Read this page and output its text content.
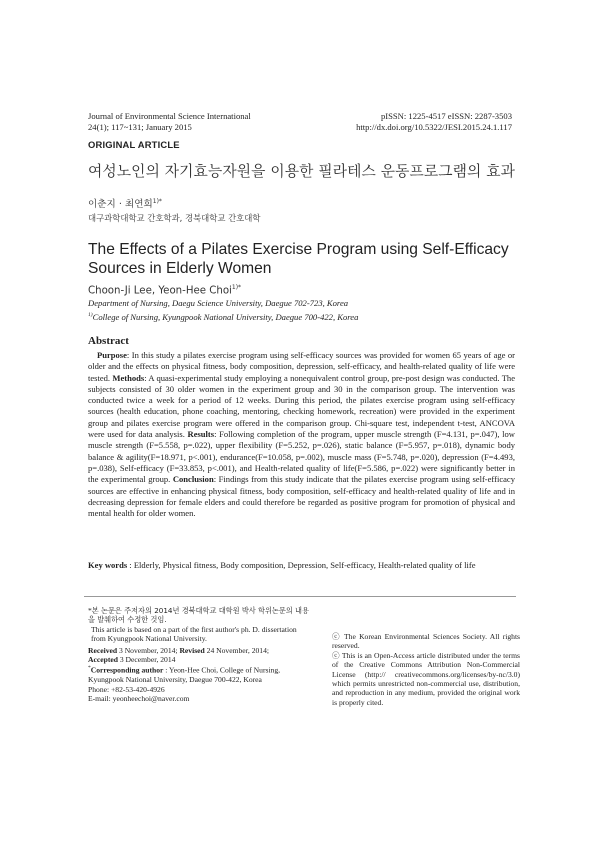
Journal of Environmental Science International
24(1); 117~131; January 2015
pISSN: 1225-4517 eISSN: 2287-3503
http://dx.doi.org/10.5322/JESI.2015.24.1.117
ORIGINAL ARTICLE
여성노인의 자기효능자원을 이용한 필라테스 운동프로그램의 효과
이춘지 · 최연희$^{1)*}$
대구과학대학교 간호학과, 경북대학교 간호대학
The Effects of a Pilates Exercise Program using Self-Efficacy Sources in Elderly Women
Choon-Ji Lee, Yeon-Hee Choi$^{1)*}$
Department of Nursing, Daegu Science University, Daegue 702-723, Korea
$^{1)}$College of Nursing, Kyungpook National University, Daegue 700-422, Korea
Abstract
Purpose: In this study a pilates exercise program using self-efficacy sources was provided for women 65 years of age or older and the effects on physical fitness, body composition, depression, self-efficacy, and health-related quality of life were tested. Methods: A quasi-experimental study employing a nonequivalent control group, pre-post design was conducted. The subjects consisted of 30 older women in the experiment group and 30 in the comparison group. The intervention was conducted twice a week for a period of 12 weeks. During this period, the pilates exercise program using self-efficacy sources (health education, phone coaching, mentoring, checking homework, recreation) were provided in the experiment group and pilates exercise program were offered in the comparison group. Chi-square test, independent t-test, ANCOVA were used for data analysis. Results: Following completion of the program, upper muscle strength (F=4.131, p=.047), low muscle strength (F=5.558, p=.022), upper flexibility (F=5.252, p=.026), static balance (F=5.957, p=.018), dynamic body balance & agility(F=18.971, p<.001), endurance(F=10.058, p=.002), muscle mass (F=5.748, p=.020), depression (F=4.493, p=.038), Self-efficacy (F=33.853, p<.001), and Health-related quality of life(F=5.586, p=.022) were significantly better in the experimental group. Conclusion: Findings from this study indicate that the pilates exercise program using self-efficacy sources are effective in enhancing physical fitness, body composition, self-efficacy and health-related quality of life and in decreasing depression for female elders and could therefore be regarded as positive program for promotion of physical and mental health for older women.
Key words : Elderly, Physical fitness, Body composition, Depression, Self-efficacy, Health-related quality of life
*본 논문은 주저자의 2014년 경북대학교 대학원 박사 학위논문의 내용을 발췌하여 수정한 것임.
This article is based on a part of the first author's ph. D. dissertation from Kyungpook National University.
Received 3 November, 2014; Revised 24 November, 2014;
Accepted 3 December, 2014
*Corresponding author : Yeon-Hee Choi, College of Nursing, Kyungpook National University, Daegue 700-422, Korea
Phone: +82-53-420-4926
E-mail: yeonheechoi@naver.com
ⓒ The Korean Environmental Sciences Society. All rights reserved.
ⓒ This is an Open-Access article distributed under the terms of the Creative Commons Attribution Non-Commercial License (http:// creativecommons.org/licenses/by-nc/3.0) which permits unrestricted non-commercial use, distribution, and reproduction in any medium, provided the original work is properly cited.
